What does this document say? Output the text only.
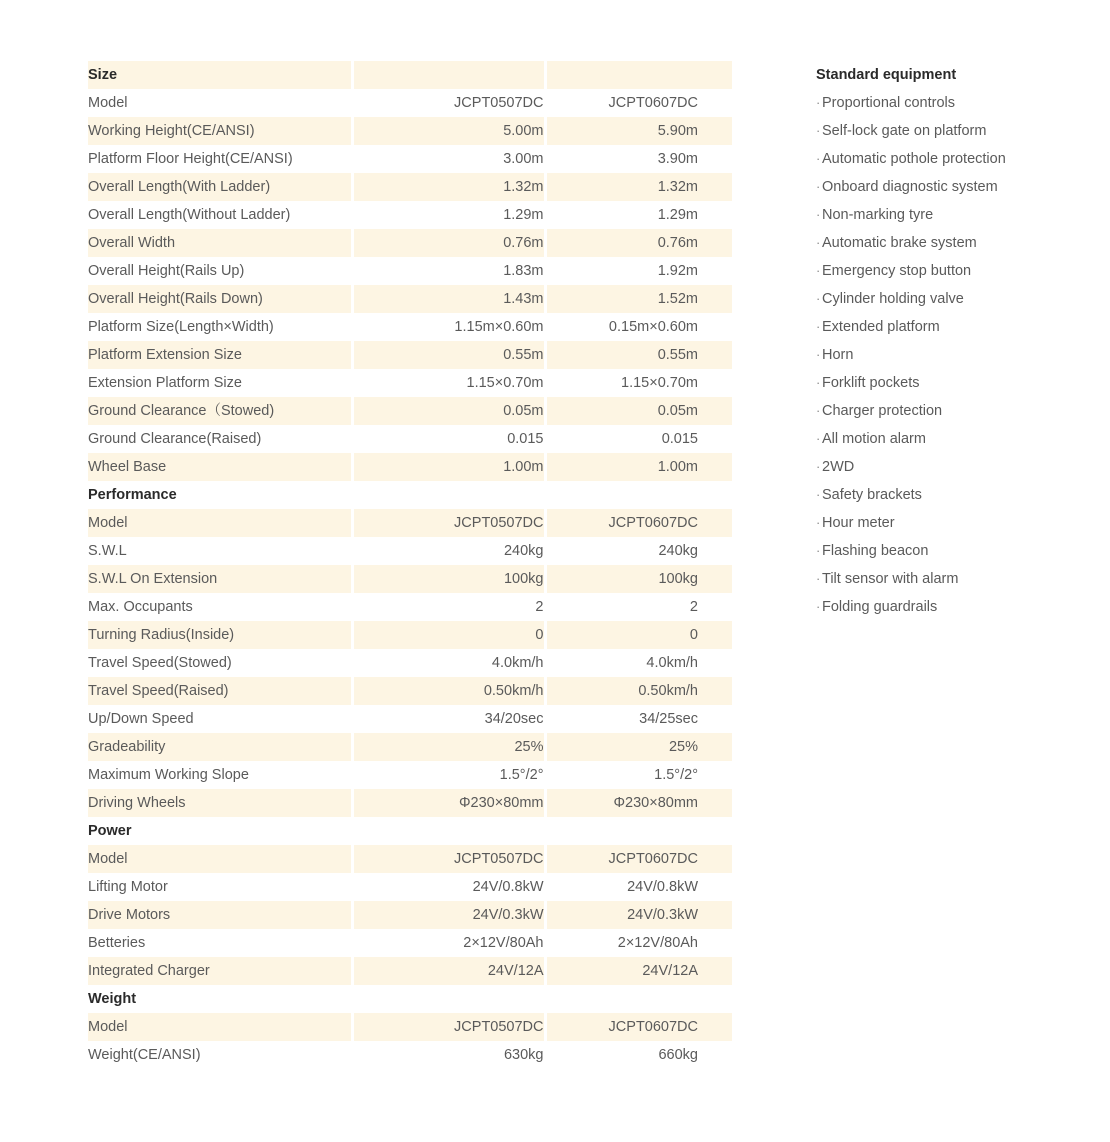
Size		
Model	JCPT0507DC	JCPT0607DC
Working Height(CE/ANSI)	5.00m	5.90m
Platform Floor Height(CE/ANSI)	3.00m	3.90m
Overall Length(With Ladder)	1.32m	1.32m
Overall Length(Without Ladder)	1.29m	1.29m
Overall Width	0.76m	0.76m
Overall Height(Rails Up)	1.83m	1.92m
Overall Height(Rails Down)	1.43m	1.52m
Platform Size(Length×Width)	1.15m×0.60m	0.15m×0.60m
Platform Extension Size	0.55m	0.55m
Extension Platform Size	1.15×0.70m	1.15×0.70m
Ground Clearance（Stowed)	0.05m	0.05m
Ground Clearance(Raised)	0.015	0.015
Wheel Base	1.00m	1.00m
Performance		
Model	JCPT0507DC	JCPT0607DC
S.W.L	240kg	240kg
S.W.L On Extension	100kg	100kg
Max. Occupants	2	2
Turning Radius(Inside)	0	0
Travel Speed(Stowed)	4.0km/h	4.0km/h
Travel Speed(Raised)	0.50km/h	0.50km/h
Up/Down Speed	34/20sec	34/25sec
Gradeability	25%	25%
Maximum Working Slope	1.5°/2°	1.5°/2°
Driving Wheels	Φ230×80mm	Φ230×80mm
Power		
Model	JCPT0507DC	JCPT0607DC
Lifting Motor	24V/0.8kW	24V/0.8kW
Drive Motors	24V/0.3kW	24V/0.3kW
Betteries	2×12V/80Ah	2×12V/80Ah
Integrated Charger	24V/12A	24V/12A
Weight		
Model	JCPT0507DC	JCPT0607DC
Weight(CE/ANSI)	630kg	660kg
Standard equipment
· Proportional controls
· Self-lock gate on platform
· Automatic pothole protection
· Onboard diagnostic system
· Non-marking tyre
· Automatic brake system
· Emergency stop button
· Cylinder holding valve
· Extended platform
· Horn
· Forklift pockets
· Charger protection
· All motion alarm
· 2WD
· Safety brackets
· Hour meter
· Flashing beacon
· Tilt sensor with alarm
· Folding guardrails
